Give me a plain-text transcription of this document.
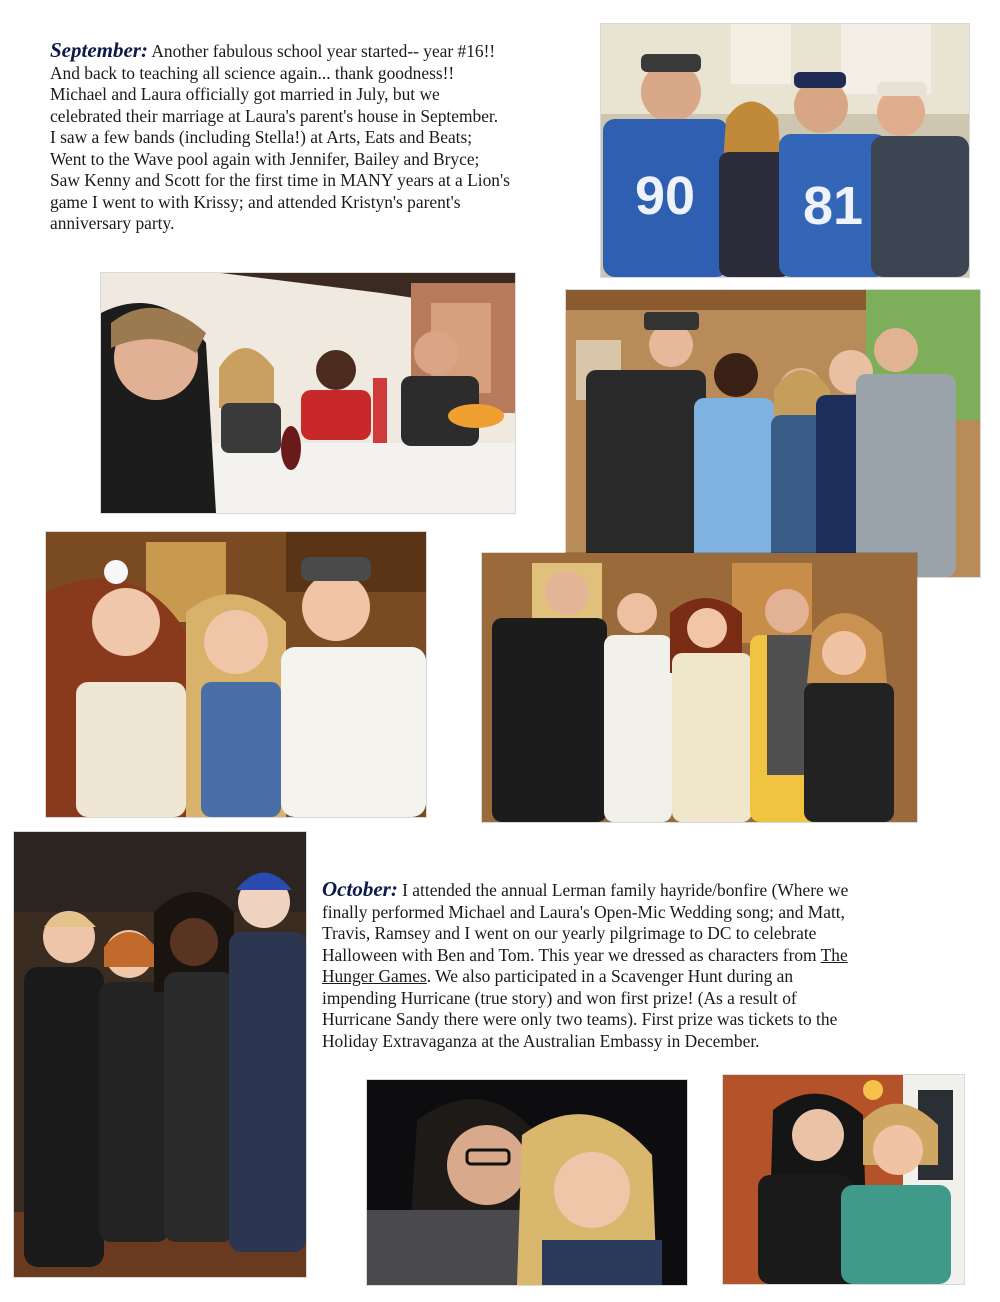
September: Another fabulous school year started-- year #16!!
And back to teaching all science again... thank goodness!!
Michael and Laura officially got married in July, but we
celebrated their marriage at Laura's parent's house in September.
I saw a few bands (including Stella!) at Arts, Eats and Beats;
Went to the Wave pool again with Jennifer, Bailey and Bryce;
Saw Kenny and Scott for the first time in MANY years at a Lion's
game I went to with Krissy; and attended Kristyn's parent's
anniversary party.	90 81
October: I attended the annual Lerman family hayride/bonfire (Where we
finally performed Michael and Laura's Open-Mic Wedding song; and Matt,
Travis, Ramsey and I went on our yearly pilgrimage to DC to celebrate
Halloween with Ben and Tom. This year we dressed as characters from The
Hunger Games. We also participated in a Scavenger Hunt during an
impending Hurricane (true story) and won first prize! (As a result of
Hurricane Sandy there were only two teams). First prize was tickets to the
Holiday Extravaganza at the Australian Embassy in December.
